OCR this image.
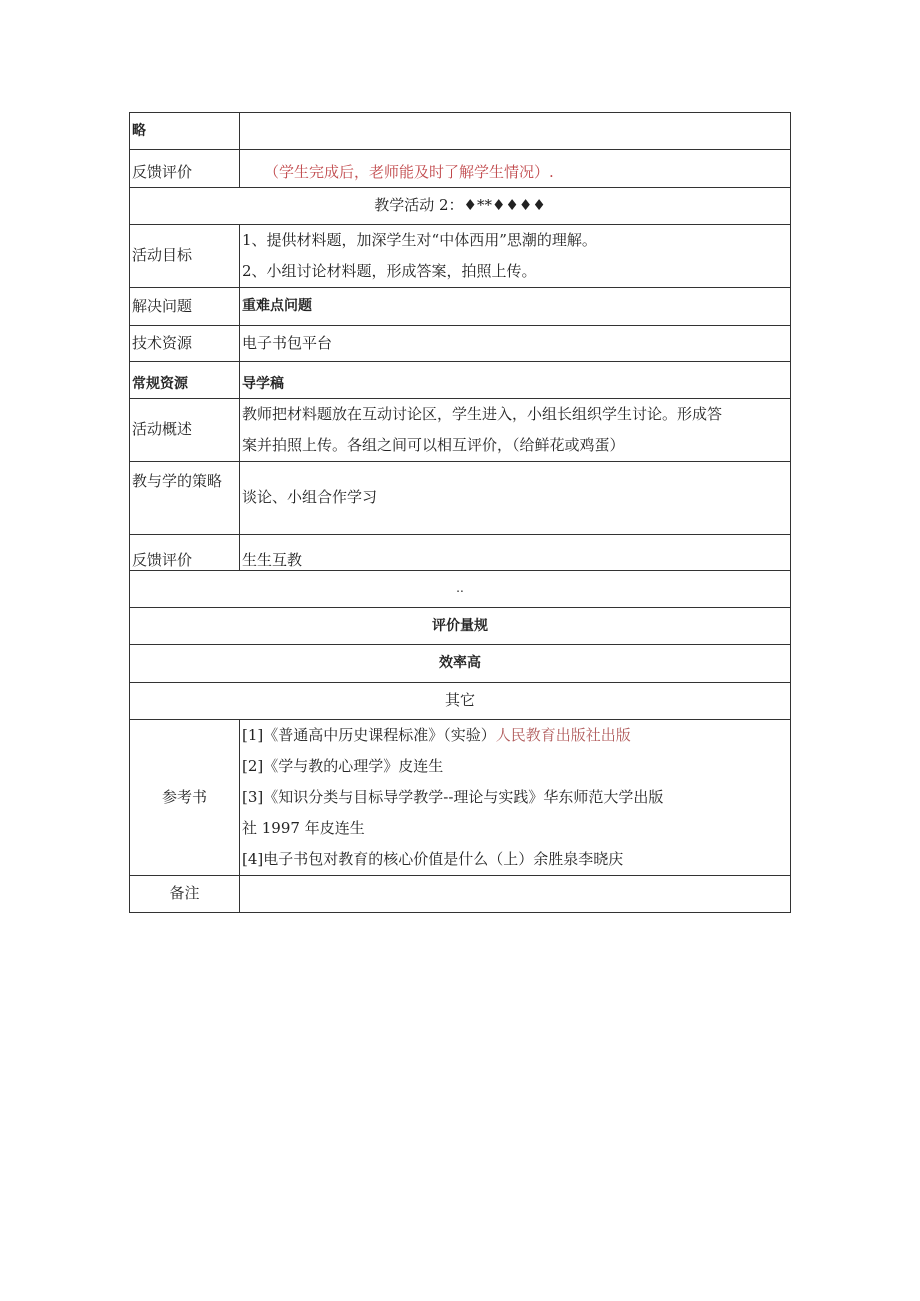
略	
反馈评价	（学生完成后，老师能及时了解学生情况）.
教学活动 2：♦**♦♦♦♦	
活动目标	1、提供材料题，加深学生对“中体西用”思潮的理解。
2、小组讨论材料题，形成答案，拍照上传。

解决问题	重难点问题
技术资源	电子书包平台
常规资源	导学稿
活动概述	教师把材料题放在互动讨论区，学生进入，小组长组织学生讨论。形成答
案并拍照上传。各组之间可以相互评价，（给鲜花或鸡蛋）

教与学的策略	谈论、小组合作学习
反馈评价	生生互教
..	
评价量规	
效率高	
其它	
参考书	[1]《普通高中历史课程标准》（实验）人民教育出版社出版
[2]《学与教的心理学》皮连生
[3]《知识分类与目标导学教学--理论与实践》华东师范大学出版
社 1997 年皮连生
[4]电子书包对教育的核心价值是什么（上）余胜泉李晓庆

备注	
